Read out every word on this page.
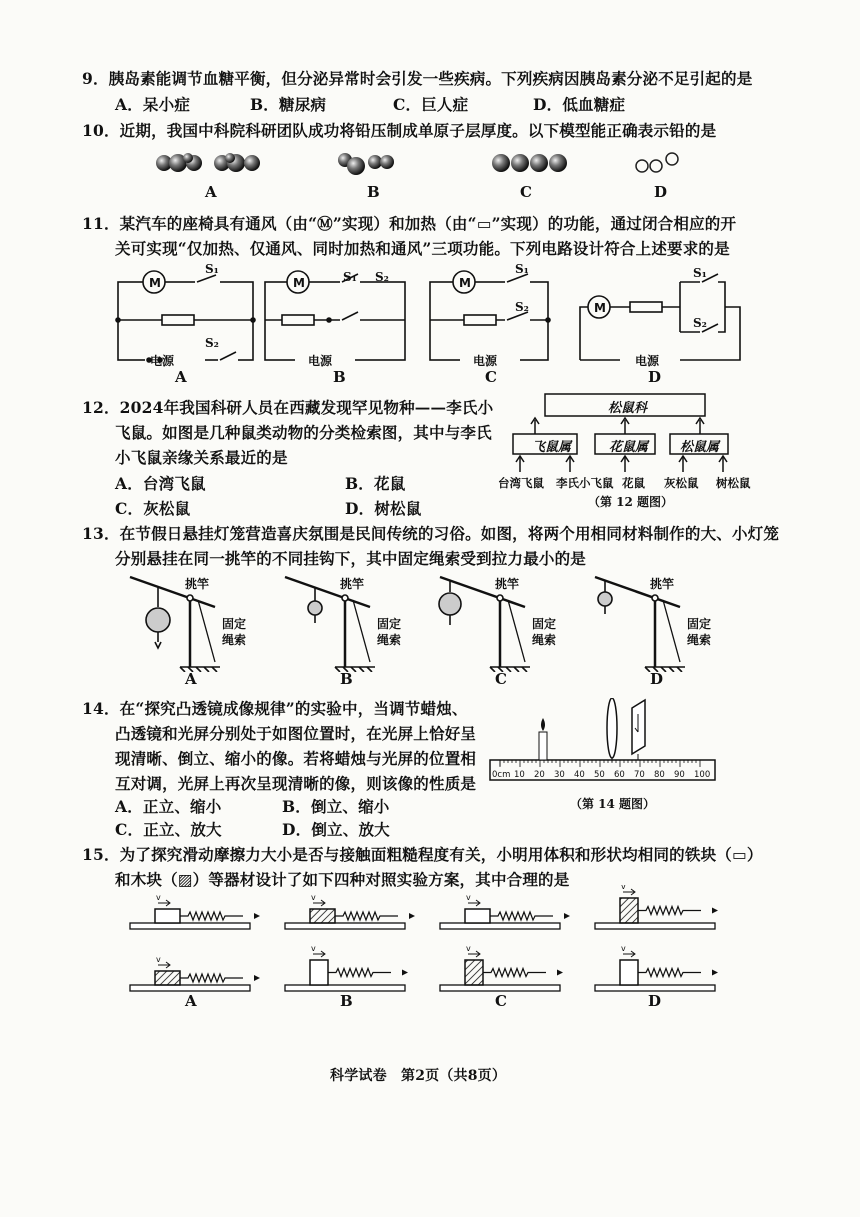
9．胰岛素能调节血糖平衡，但分泌异常时会引发一些疾病。下列疾病因胰岛素分泌不足引起的是
A．呆小症	B．糖尿病	C．巨人症	D．低血糖症
10．近期，我国中科院科研团队成功将铅压制成单原子层厚度。以下模型能正确表示铅的是
A	B	C	D
11．某汽车的座椅具有通风（由“Ⓜ”实现）和加热（由“▭”实现）的功能，通过闭合相应的开
关可实现“仅加热、仅通风、同时加热和通风”三项功能。下列电路设计符合上述要求的是
M	M	M
M
电源	电源	电源	电源
S₁
S₂
S₁ S₂
S₁
S₂
S₁
S₂
A	B	C	D
12．2024年我国科研人员在西藏发现罕见物种——李氏小
飞鼠。如图是几种鼠类动物的分类检索图，其中与李氏
小飞鼠亲缘关系最近的是
A．台湾飞鼠	B．花鼠
C．灰松鼠	D．树松鼠
松鼠科
飞鼠属	花鼠属 松鼠属
台湾飞鼠 李氏小飞鼠 花鼠 灰松鼠 树松鼠
（第 12 题图）
13．在节假日悬挂灯笼营造喜庆氛围是民间传统的习俗。如图，将两个用相同材料制作的大、小灯笼
分别悬挂在同一挑竿的不同挂钩下，其中固定绳索受到拉力最小的是
挑竿	挑竿	挑竿	挑竿
固定
绳索
固定
绳索
固定
绳索
固定
绳索
A	B	C	D
14．在“探究凸透镜成像规律”的实验中，当调节蜡烛、
凸透镜和光屏分别处于如图位置时，在光屏上恰好呈
现清晰、倒立、缩小的像。若将蜡烛与光屏的位置相
互对调，光屏上再次呈现清晰的像，则该像的性质是
A．正立、缩小	B．倒立、缩小
C．正立、放大	D．倒立、放大
0cm 10 20 30 40 50 60 70 80 90 100
（第 14 题图）
15．为了探究滑动摩擦力大小是否与接触面粗糙程度有关，小明用体积和形状均相同的铁块（▭）
和木块（▨）等器材设计了如下四种对照实验方案，其中合理的是
v
v
v
v
v
v
v
v
A	B	C	D
科学试卷　第2页（共8页）
